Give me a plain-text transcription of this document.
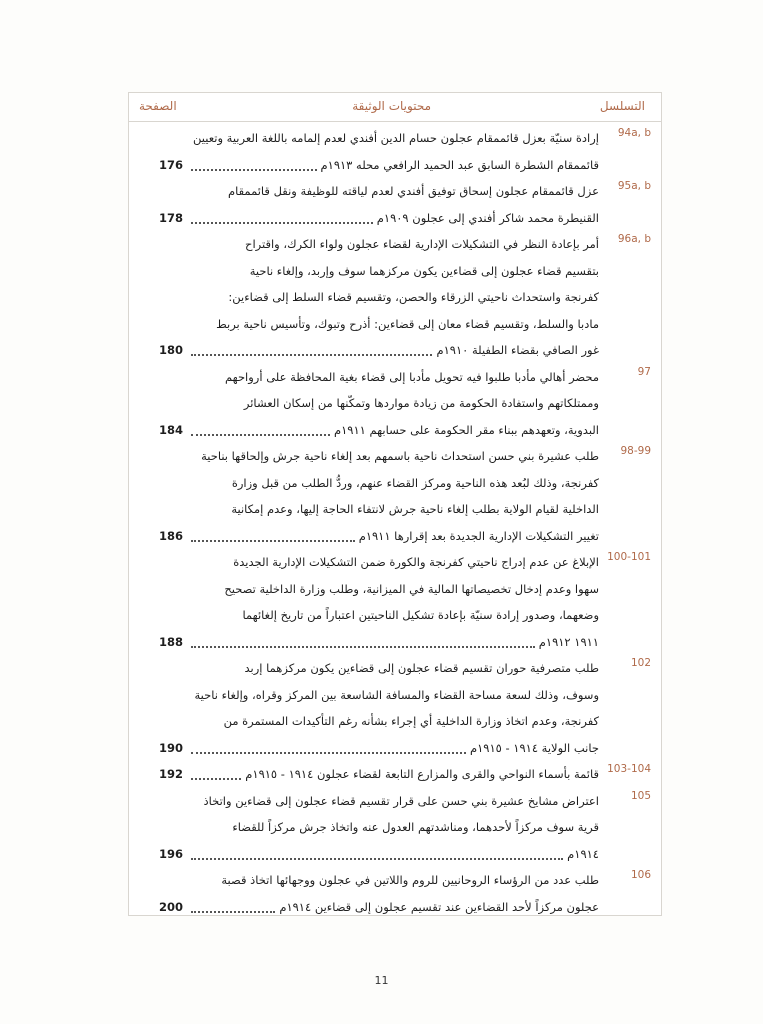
التسلسل
محتويات الوثيقة
الصفحة
94a, b
إرادة سنيّة بعزل قائممقام عجلون حسام الدين أفندي لعدم إلمامه باللغة العربية وتعيين
قائممقام الشطرة السابق عبد الحميد الرافعي محله ١٩١٣م
176
95a, b
عزل قائممقام عجلون إسحاق توفيق أفندي لعدم لياقته للوظيفة ونقل قائممقام
القنيطرة محمد شاكر أفندي إلى عجلون ١٩٠٩م
178
96a, b
أمر بإعادة النظر في التشكيلات الإدارية لقضاء عجلون ولواء الكرك، واقتراح
بتقسيم قضاء عجلون إلى قضاءين يكون مركزهما سوف وإربد، وإلغاء ناحية
كفرنجة واستحداث ناحيتي الزرقاء والحصن، وتقسيم قضاء السلط إلى قضاءين:
مادبا والسلط، وتقسيم قضاء معان إلى قضاءين: أذرح وتبوك، وتأسيس ناحية بربط
غور الصافي بقضاء الطفيلة ١٩١٠م
180
97
محضر أهالي مأدبا طلبوا فيه تحويل مأدبا إلى قضاء بغية المحافظة على أرواحهم
وممتلكاتهم واستفادة الحكومة من زيادة مواردها وتمكّنها من إسكان العشائر
البدوية، وتعهدهم ببناء مقر الحكومة على حسابهم ١٩١١م
184
98-99
طلب عشيرة بني حسن استحداث ناحية باسمهم بعد إلغاء ناحية جرش وإلحاقها بناحية
كفرنجة، وذلك لبُعد هذه الناحية ومركز القضاء عنهم، وردُّ الطلب من قبل وزارة
الداخلية لقيام الولاية بطلب إلغاء ناحية جرش لانتفاء الحاجة إليها، وعدم إمكانية
تغيير التشكيلات الإدارية الجديدة بعد إقرارها ١٩١١م
186
100-101
الإبلاغ عن عدم إدراج ناحيتي كفرنجة والكورة ضمن التشكيلات الإدارية الجديدة
سهوا وعدم إدخال تخصيصاتها المالية في الميزانية، وطلب وزارة الداخلية تصحيح
وضعهما، وصدور إرادة سنيّة بإعادة تشكيل الناحيتين اعتباراً من تاريخ إلغائهما
١٩١١ ١٩١٢م
188
102
طلب متصرفية حوران تقسيم قضاء عجلون إلى قضاءين يكون مركزهما إربد
وسوف، وذلك لسعة مساحة القضاء والمسافة الشاسعة بين المركز وقراه، وإلغاء ناحية
كفرنجة، وعدم اتخاذ وزارة الداخلية أي إجراء بشأنه رغم التأكيدات المستمرة من
جانب الولاية ١٩١٤ - ١٩١٥م
190
103-104
قائمة بأسماء النواحي والقرى والمزارع التابعة لقضاء عجلون ١٩١٤ - ١٩١٥م
192
105
اعتراض مشايخ عشيرة بني حسن على قرار تقسيم قضاء عجلون إلى قضاءين واتخاذ
قرية سوف مركزاً لأحدهما، ومناشدتهم العدول عنه واتخاذ جرش مركزاً للقضاء
١٩١٤م
196
106
طلب عدد من الرؤساء الروحانيين للروم واللاتين في عجلون ووجهائها اتخاذ قصبة
عجلون مركزاً لأحد القضاءين عند تقسيم عجلون إلى قضاءين ١٩١٤م
200
11
